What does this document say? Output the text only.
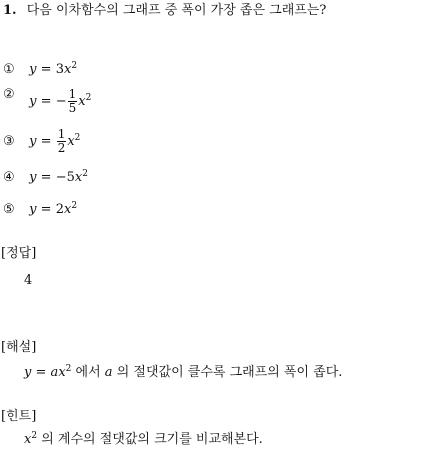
1. 다음 이차함수의 그래프 중 폭이 가장 좁은 그래프는?
① $y = 3x^2$
② y = − $\frac{1}{5} x^2$
③ $y = \frac{1}{2} x^2$
④ $y = -5x^2$
⑤ $y = 2x^2$
[정답]
4
[해설]
$y = ax^2$ 에서 a 의 절댓값이 클수록 그래프의 폭이 좁다.
[힌트]
$x^2$ 의 계수의 절댓값의 크기를 비교해본다.
